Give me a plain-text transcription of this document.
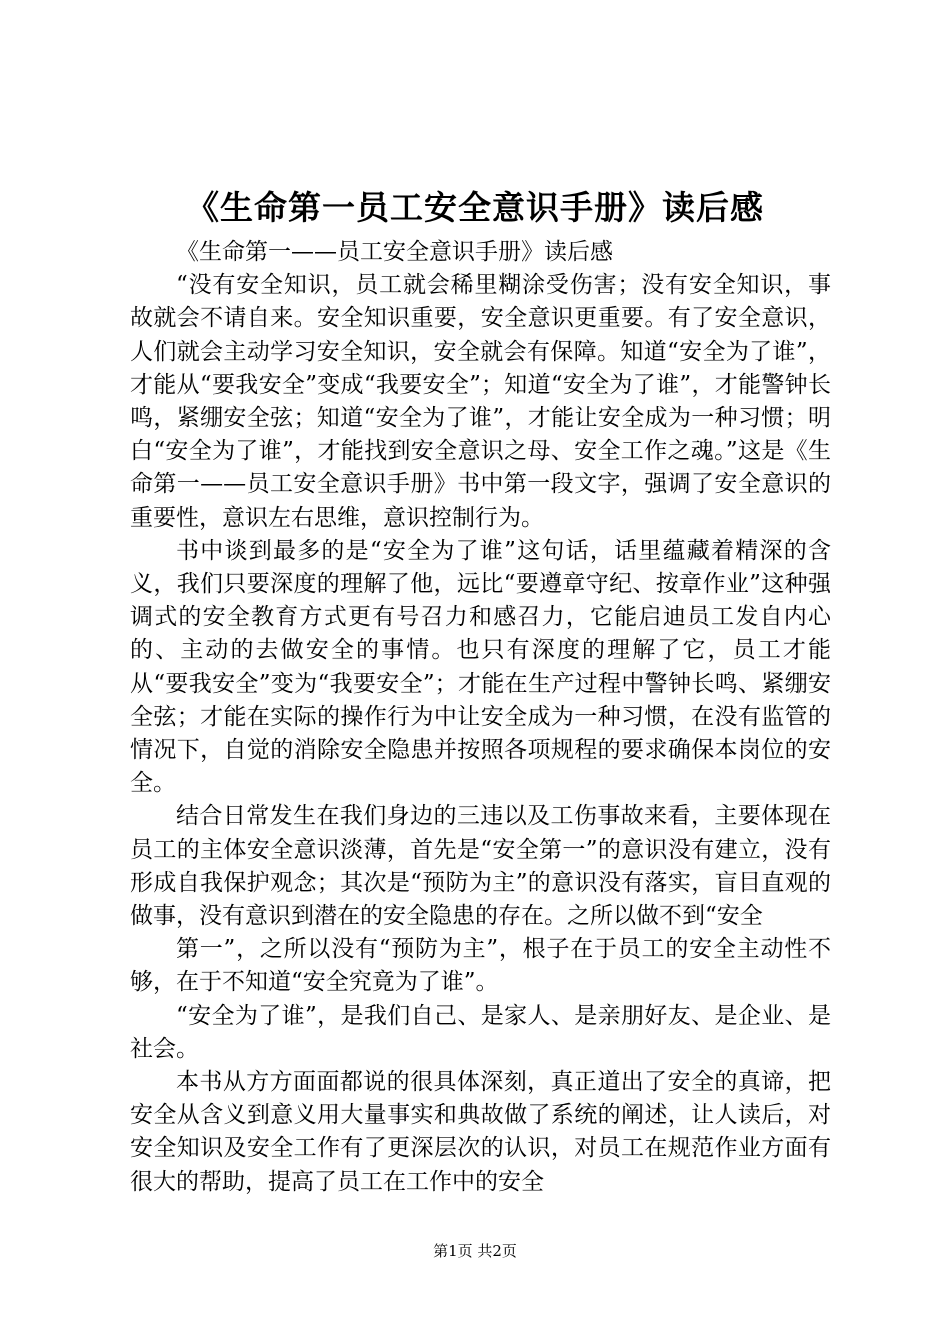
《生命第一员工安全意识手册》读后感

《生命第一——员工安全意识手册》读后感

“没有安全知识，员工就会稀里糊涂受伤害；没有安全知识，事故就会不请自来。安全知识重要，安全意识更重要。有了安全意识，人们就会主动学习安全知识，安全就会有保障。知道“安全为了谁”，才能从“要我安全”变成“我要安全”；知道“安全为了谁”，才能警钟长鸣，紧绷安全弦；知道“安全为了谁”，才能让安全成为一种习惯；明白“安全为了谁”，才能找到安全意识之母、安全工作之魂。”这是《生命第一——员工安全意识手册》书中第一段文字，强调了安全意识的重要性，意识左右思维，意识控制行为。

书中谈到最多的是“安全为了谁”这句话，话里蕴藏着精深的含义，我们只要深度的理解了他，远比“要遵章守纪、按章作业”这种强调式的安全教育方式更有号召力和感召力，它能启迪员工发自内心的、主动的去做安全的事情。也只有深度的理解了它，员工才能从“要我安全”变为“我要安全”；才能在生产过程中警钟长鸣、紧绷安全弦；才能在实际的操作行为中让安全成为一种习惯，在没有监管的情况下，自觉的消除安全隐患并按照各项规程的要求确保本岗位的安全。

结合日常发生在我们身边的三违以及工伤事故来看，主要体现在员工的主体安全意识淡薄，首先是“安全第一”的意识没有建立，没有形成自我保护观念；其次是“预防为主”的意识没有落实，盲目直观的做事，没有意识到潜在的安全隐患的存在。之所以做不到“安全

第一”，之所以没有“预防为主”，根子在于员工的安全主动性不够，在于不知道“安全究竟为了谁”。

“安全为了谁”，是我们自己、是家人、是亲朋好友、是企业、是社会。

本书从方方面面都说的很具体深刻，真正道出了安全的真谛，把安全从含义到意义用大量事实和典故做了系统的阐述，让人读后，对安全知识及安全工作有了更深层次的认识，对员工在规范作业方面有很大的帮助，提高了员工在工作中的安全

第1页 共2页
